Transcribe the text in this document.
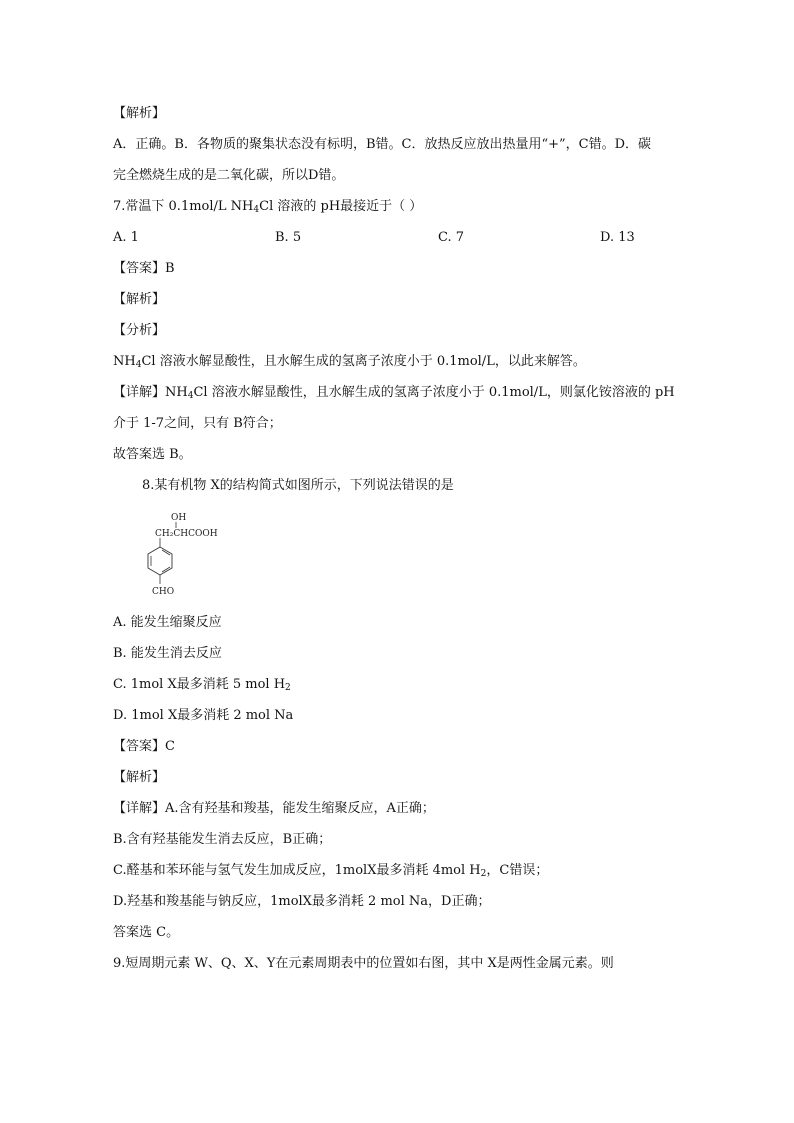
【解析】
A．正确。B．各物质的聚集状态没有标明，B错。C．放热反应放出热量用“+”，C错。D．碳
完全燃烧生成的是二氧化碳，所以D错。
7.常温下 0.1mol/L $NH_4Cl$ 溶液的 pH最接近于（ ）
A. 1	B. 5	C. 7	D. 13
【答案】B
【解析】
【分析】
$NH_4Cl$ 溶液水解显酸性，且水解生成的氢离子浓度小于 0.1mol/L，以此来解答。
【详解】$NH_4Cl$ 溶液水解显酸性，且水解生成的氢离子浓度小于 0.1mol/L，则氯化铵溶液的 pH
介于 1-7之间，只有 B符合；
故答案选 B。
8.某有机物 X的结构简式如图所示，下列说法错误的是
OH
CH₂CHCOOH
CHO
A. 能发生缩聚反应
B. 能发生消去反应
C. 1mol X最多消耗 5 mol $H_2$
D. 1mol X最多消耗 2 mol Na
【答案】C
【解析】
【详解】A.含有羟基和羧基，能发生缩聚反应，A正确；
B.含有羟基能发生消去反应，B正确；
C.醛基和苯环能与氢气发生加成反应，1molX最多消耗 4mol $H_2$，C错误；
D.羟基和羧基能与钠反应，1molX最多消耗 2 mol Na，D正确；
答案选 C。
9.短周期元素 W、Q、X、Y在元素周期表中的位置如右图，其中 X是两性金属元素。则
